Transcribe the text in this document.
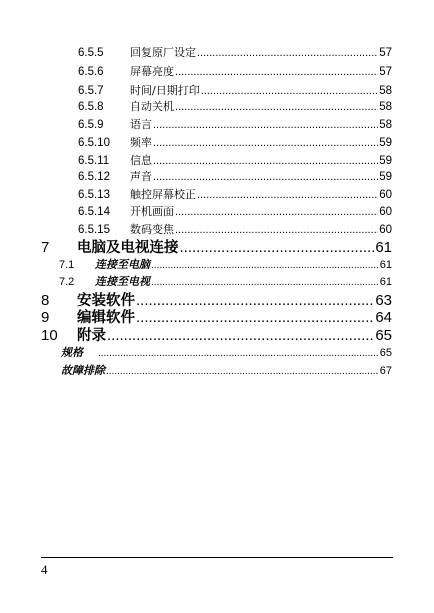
6.5.5	回复原厂设定 .....	57
6.5.6	屏幕亮度 .....	57
6.5.7	时间/日期打印 .....	58
6.5.8	自动关机 .....	58
6.5.9	语言 .....	58
6.5.10	频率 .....	59
6.5.11	信息 .....	59
6.5.12	声音 .....	59
6.5.13	触控屏幕校正 .....	60
6.5.14	开机画面 .....	60
6.5.15	数码变焦 .....	60
7	电脑及电视连接 .....	61
7.1	连接至电脑 .....	61
7.2	连接至电视 .....	61
8	安装软件 .....	63
9	编辑软件 .....	64
10	附录 .....	65
规格 .....	65
故障排除 .....	67
4
